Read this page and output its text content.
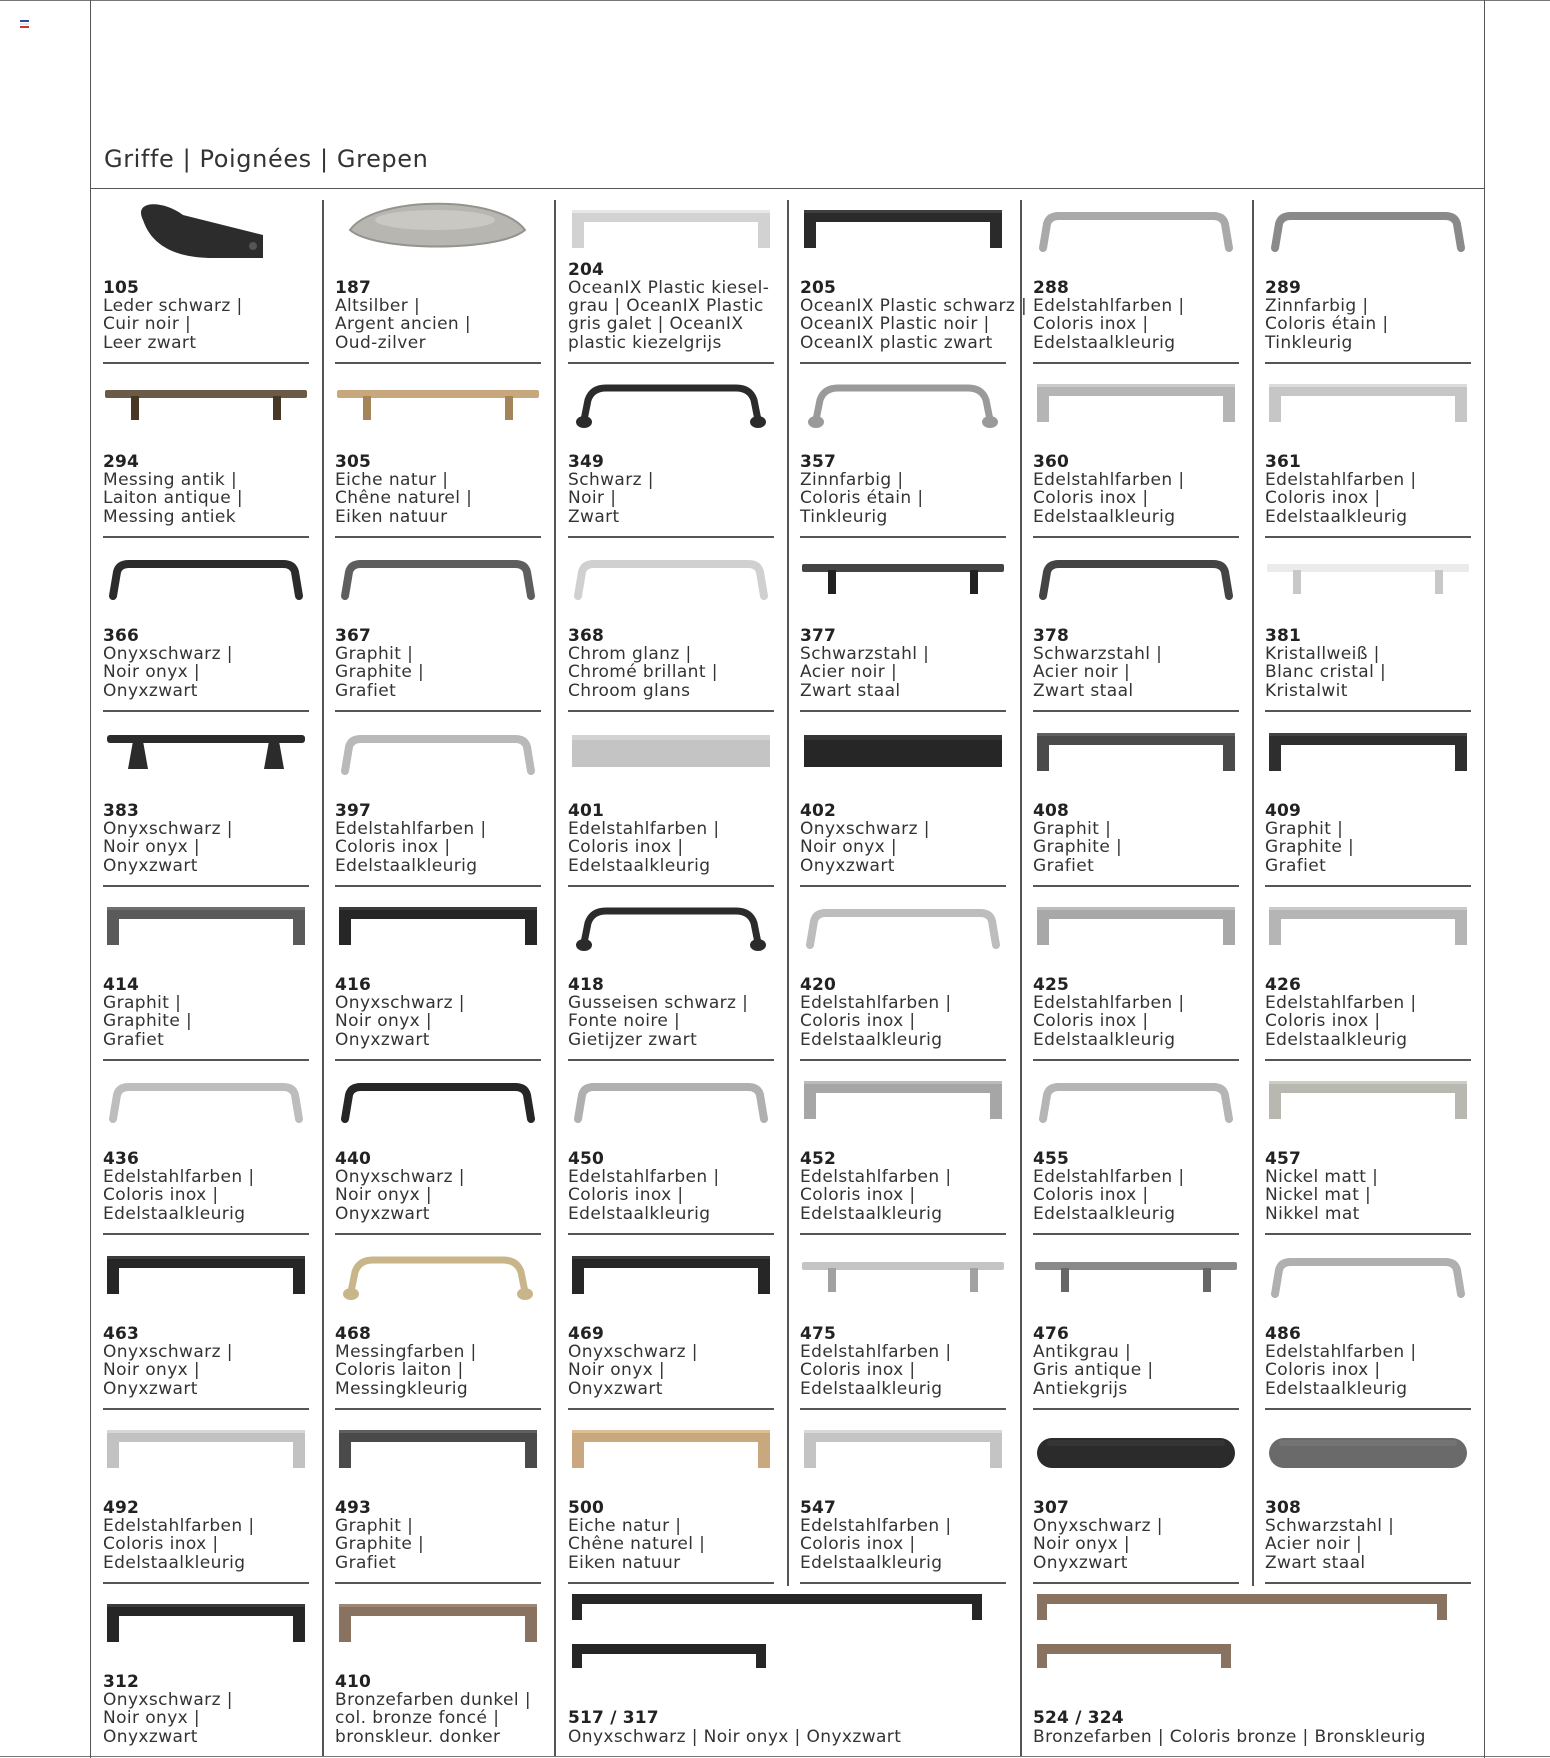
Griffe | Poignées | Grepen
105
Leder schwarz |
Cuir noir |
Leer zwart
187
Altsilber |
Argent ancien |
Oud-zilver
204
OceanIX Plastic kiesel-
grau | OceanIX Plastic
gris galet | OceanIX
plastic kiezelgrijs
205
OceanIX Plastic schwarz |
OceanIX Plastic noir |
OceanIX plastic zwart
288
Edelstahlfarben |
Coloris inox |
Edelstaalkleurig
289
Zinnfarbig |
Coloris étain |
Tinkleurig
294
Messing antik |
Laiton antique |
Messing antiek
305
Eiche natur |
Chêne naturel |
Eiken natuur
349
Schwarz |
Noir |
Zwart
357
Zinnfarbig |
Coloris étain |
Tinkleurig
360
Edelstahlfarben |
Coloris inox |
Edelstaalkleurig
361
Edelstahlfarben |
Coloris inox |
Edelstaalkleurig
366
Onyxschwarz |
Noir onyx |
Onyxzwart
367
Graphit |
Graphite |
Grafiet
368
Chrom glanz |
Chromé brillant |
Chroom glans
377
Schwarzstahl |
Acier noir |
Zwart staal
378
Schwarzstahl |
Acier noir |
Zwart staal
381
Kristallweiß |
Blanc cristal |
Kristalwit
383
Onyxschwarz |
Noir onyx |
Onyxzwart
397
Edelstahlfarben |
Coloris inox |
Edelstaalkleurig
401
Edelstahlfarben |
Coloris inox |
Edelstaalkleurig
402
Onyxschwarz |
Noir onyx |
Onyxzwart
408
Graphit |
Graphite |
Grafiet
409
Graphit |
Graphite |
Grafiet
414
Graphit |
Graphite |
Grafiet
416
Onyxschwarz |
Noir onyx |
Onyxzwart
418
Gusseisen schwarz |
Fonte noire |
Gietijzer zwart
420
Edelstahlfarben |
Coloris inox |
Edelstaalkleurig
425
Edelstahlfarben |
Coloris inox |
Edelstaalkleurig
426
Edelstahlfarben |
Coloris inox |
Edelstaalkleurig
436
Edelstahlfarben |
Coloris inox |
Edelstaalkleurig
440
Onyxschwarz |
Noir onyx |
Onyxzwart
450
Edelstahlfarben |
Coloris inox |
Edelstaalkleurig
452
Edelstahlfarben |
Coloris inox |
Edelstaalkleurig
455
Edelstahlfarben |
Coloris inox |
Edelstaalkleurig
457
Nickel matt |
Nickel mat |
Nikkel mat
463
Onyxschwarz |
Noir onyx |
Onyxzwart
468
Messingfarben |
Coloris laiton |
Messingkleurig
469
Onyxschwarz |
Noir onyx |
Onyxzwart
475
Edelstahlfarben |
Coloris inox |
Edelstaalkleurig
476
Antikgrau |
Gris antique |
Antiekgrijs
486
Edelstahlfarben |
Coloris inox |
Edelstaalkleurig
492
Edelstahlfarben |
Coloris inox |
Edelstaalkleurig
493
Graphit |
Graphite |
Grafiet
500
Eiche natur |
Chêne naturel |
Eiken natuur
547
Edelstahlfarben |
Coloris inox |
Edelstaalkleurig
307
Onyxschwarz |
Noir onyx |
Onyxzwart
308
Schwarzstahl |
Acier noir |
Zwart staal
312
Onyxschwarz |
Noir onyx |
Onyxzwart
410
Bronzefarben dunkel |
col. bronze foncé |
bronskleur. donker
517 / 317
Onyxschwarz | Noir onyx | Onyxzwart
524 / 324
Bronzefarben | Coloris bronze | Bronskleurig
